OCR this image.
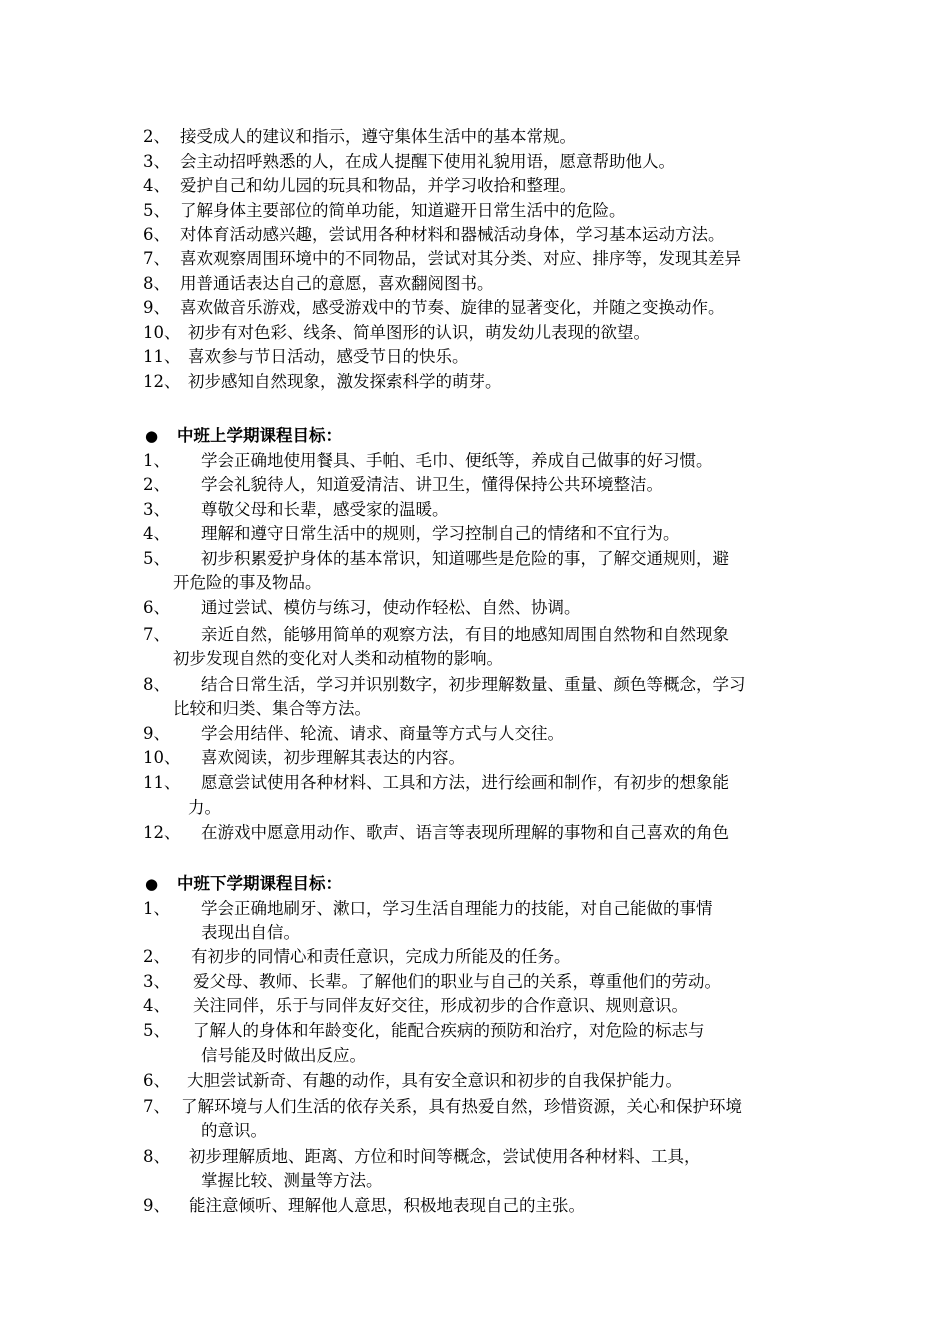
2、 接受成人的建议和指示，遵守集体生活中的基本常规。
3、 会主动招呼熟悉的人，在成人提醒下使用礼貌用语，愿意帮助他人。
4、 爱护自己和幼儿园的玩具和物品，并学习收拾和整理。
5、 了解身体主要部位的简单功能，知道避开日常生活中的危险。
6、 对体育活动感兴趣，尝试用各种材料和器械活动身体，学习基本运动方法。
7、 喜欢观察周围环境中的不同物品，尝试对其分类、对应、排序等，发现其差异
8、 用普通话表达自己的意愿，喜欢翻阅图书。
9、 喜欢做音乐游戏，感受游戏中的节奏、旋律的显著变化，并随之变换动作。
10、 初步有对色彩、线条、简单图形的认识，萌发幼儿表现的欲望。
11、 喜欢参与节日活动，感受节日的快乐。
12、 初步感知自然现象，激发探索科学的萌芽。
● 中班上学期课程目标：
1、 学会正确地使用餐具、手帕、毛巾、便纸等，养成自己做事的好习惯。
2、 学会礼貌待人，知道爱清洁、讲卫生，懂得保持公共环境整洁。
3、 尊敬父母和长辈，感受家的温暖。
4、 理解和遵守日常生活中的规则，学习控制自己的情绪和不宜行为。
5、 初步积累爱护身体的基本常识，知道哪些是危险的事，了解交通规则，避
开危险的事及物品。
6、 通过尝试、模仿与练习，使动作轻松、自然、协调。
7、 亲近自然，能够用简单的观察方法，有目的地感知周围自然物和自然现象
初步发现自然的变化对人类和动植物的影响。
8、 结合日常生活，学习并识别数字，初步理解数量、重量、颜色等概念，学习
比较和归类、集合等方法。
9、 学会用结伴、轮流、请求、商量等方式与人交往。
10、 喜欢阅读，初步理解其表达的内容。
11、 愿意尝试使用各种材料、工具和方法，进行绘画和制作，有初步的想象能
力。
12、 在游戏中愿意用动作、歌声、语言等表现所理解的事物和自己喜欢的角色
● 中班下学期课程目标：
1、 学会正确地刷牙、漱口，学习生活自理能力的技能，对自己能做的事情
表现出自信。
2、 有初步的同情心和责任意识，完成力所能及的任务。
3、 爱父母、教师、长辈。了解他们的职业与自己的关系，尊重他们的劳动。
4、 关注同伴，乐于与同伴友好交往，形成初步的合作意识、规则意识。
5、 了解人的身体和年龄变化，能配合疾病的预防和治疗，对危险的标志与
信号能及时做出反应。
6、 大胆尝试新奇、有趣的动作，具有安全意识和初步的自我保护能力。
7、 了解环境与人们生活的依存关系，具有热爱自然，珍惜资源，关心和保护环境
的意识。
8、 初步理解质地、距离、方位和时间等概念，尝试使用各种材料、工具，
掌握比较、测量等方法。
9、 能注意倾听、理解他人意思，积极地表现自己的主张。
